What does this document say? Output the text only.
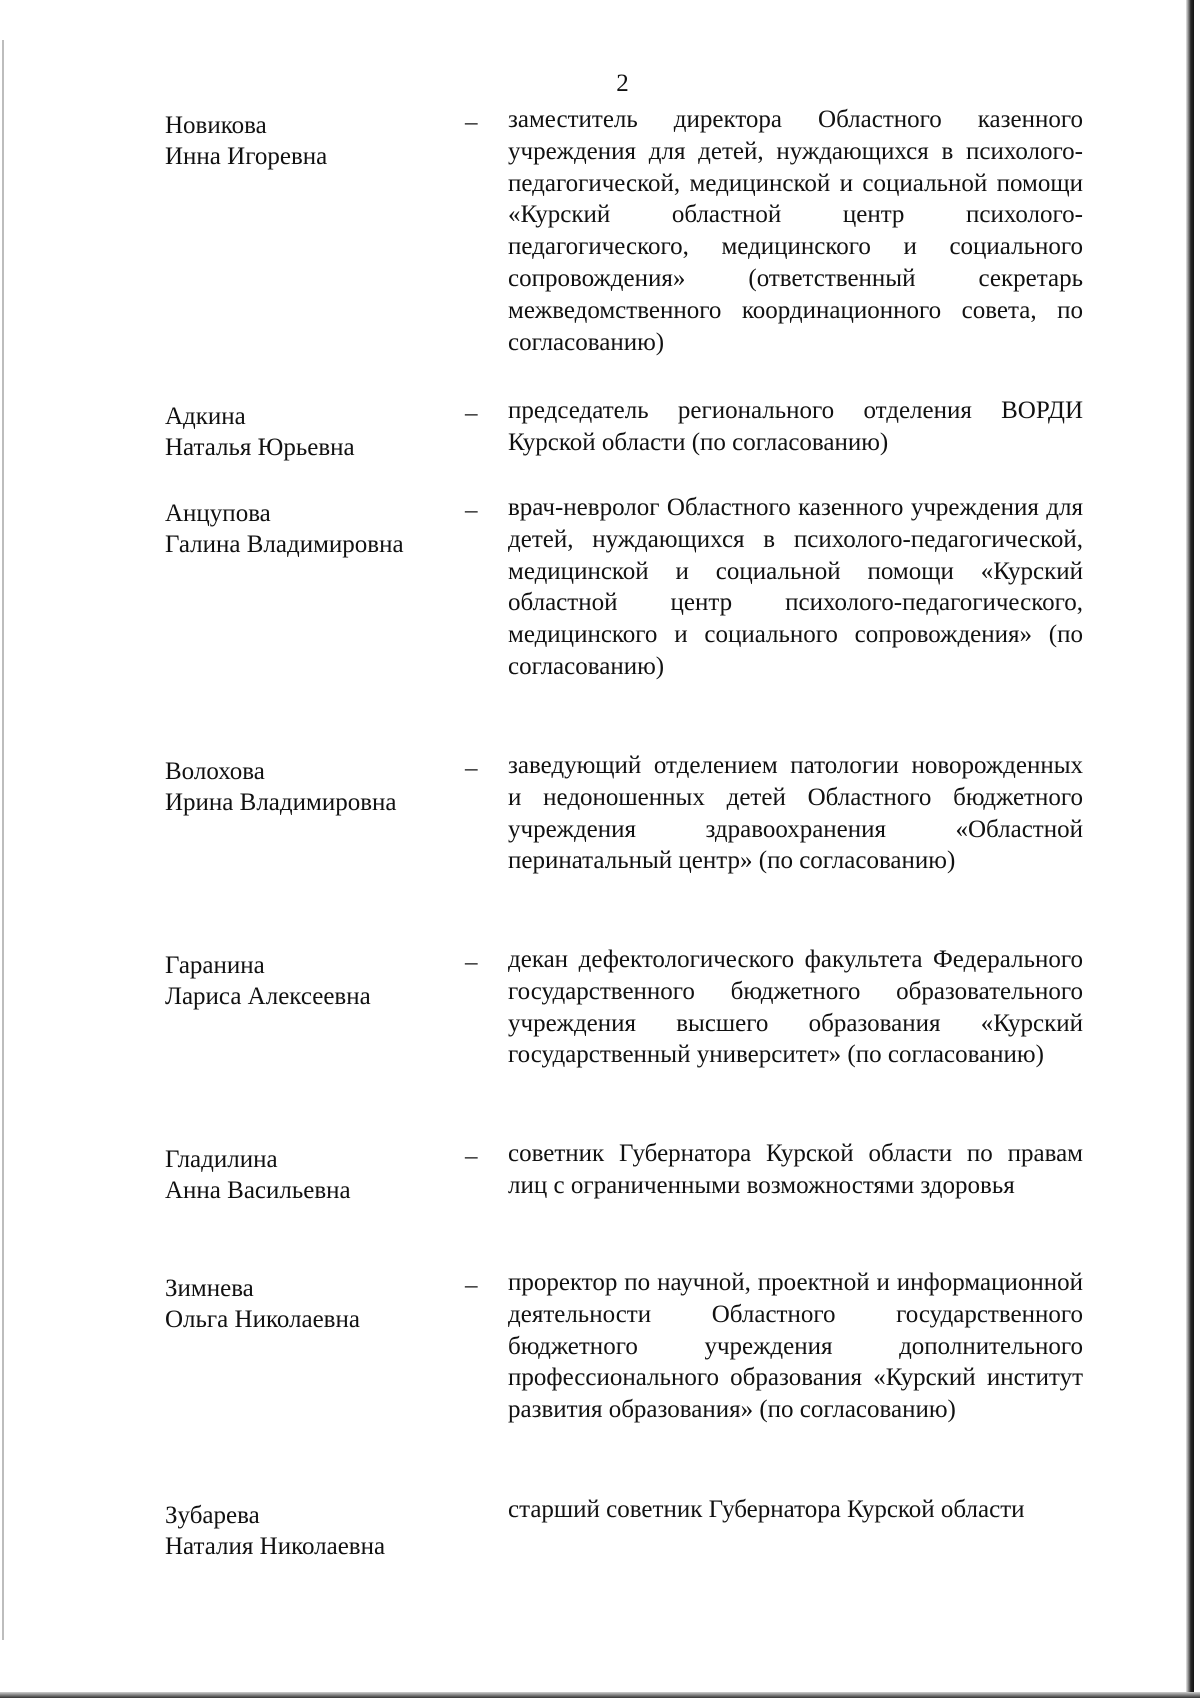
2
Новикова
Инна Игоревна
– заместитель директора Областного казенного учреждения для детей, нуждающихся в психолого-педагогической, медицинской и социальной помощи «Курский областной центр психолого-педагогического, медицинского и социального сопровождения» (ответственный секретарь межведомственного координационного совета, по согласованию)
Адкина
Наталья Юрьевна
– председатель регионального отделения ВОРДИ Курской области (по согласованию)
Анцупова
Галина Владимировна
– врач-невролог Областного казенного учреждения для детей, нуждающихся в психолого-педагогической, медицинской и социальной помощи «Курский областной центр психолого-педагогического, медицинского и социального сопровождения» (по согласованию)
Волохова
Ирина Владимировна
– заведующий отделением патологии новорожденных и недоношенных детей Областного бюджетного учреждения здравоохранения «Областной перинатальный центр» (по согласованию)
Гаранина
Лариса Алексеевна
– декан дефектологического факультета Федерального государственного бюджетного образовательного учреждения высшего образования «Курский государственный университет» (по согласованию)
Гладилина
Анна Васильевна
– советник Губернатора Курской области по правам лиц с ограниченными возможностями здоровья
Зимнева
Ольга Николаевна
– проректор по научной, проектной и информационной деятельности Областного государственного бюджетного учреждения дополнительного профессионального образования «Курский институт развития образования» (по согласованию)
Зубарева
Наталия Николаевна
старший советник Губернатора Курской области
